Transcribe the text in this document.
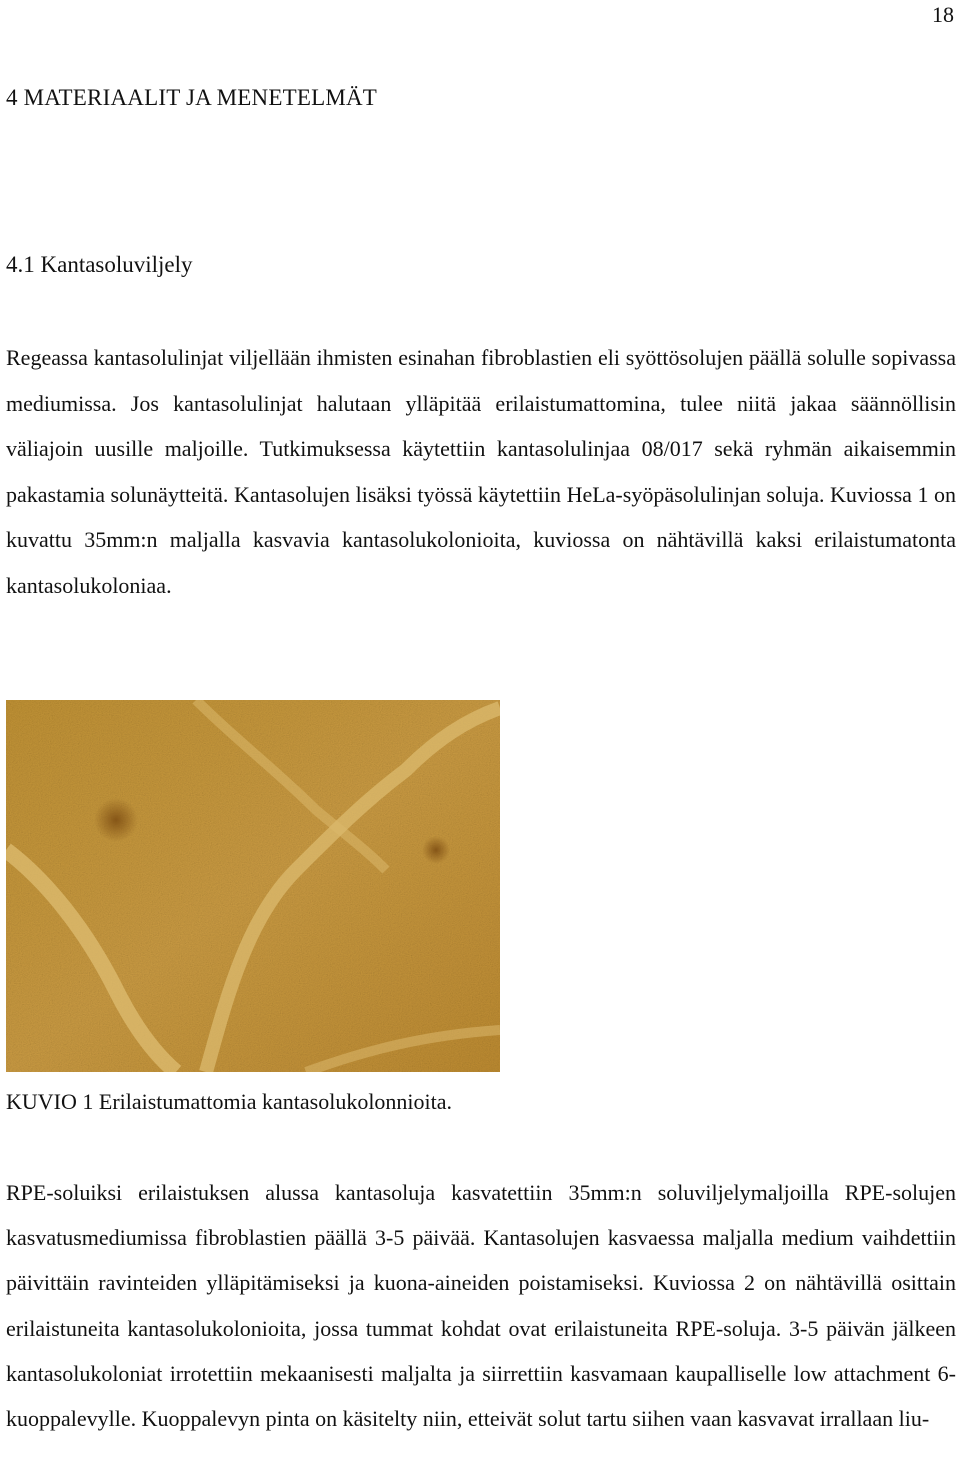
18
4 MATERIAALIT JA MENETELMÄT
4.1 Kantasoluviljely

Regeassa kantasolulinjat viljellään ihmisten esinahan fibroblastien eli syöttösolujen päällä solulle sopivassa mediumissa. Jos kantasolulinjat halutaan ylläpitää erilaistumattomina, tulee niitä jakaa säännöllisin väliajoin uusille maljoille. Tutkimuksessa käytettiin kantasolulinjaa 08/017 sekä ryhmän aikaisemmin pakastamia solunäytteitä. Kantasolujen lisäksi työssä käytettiin HeLa-syöpäsolulinjan soluja. Kuviossa 1 on kuvattu 35mm:n maljalla kasvavia kantasolukolonioita, kuviossa on nähtävillä kaksi erilaistumatonta kantasolukoloniaa.

KUVIO 1 Erilaistumattomia kantasolukolonnioita.

RPE-soluiksi erilaistuksen alussa kantasoluja kasvatettiin 35mm:n soluviljelymaljoilla RPE-solujen kasvatusmediumissa fibroblastien päällä 3-5 päivää. Kantasolujen kasvaessa maljalla medium vaihdettiin päivittäin ravinteiden ylläpitämiseksi ja kuona-aineiden poistamiseksi. Kuviossa 2 on nähtävillä osittain erilaistuneita kantasolukolonioita, jossa tummat kohdat ovat erilaistuneita RPE-soluja. 3-5 päivän jälkeen kantasolukoloniat irrotettiin mekaanisesti maljalta ja siirrettiin kasvamaan kaupalliselle low attachment 6-kuoppalevylle. Kuoppalevyn pinta on käsitelty niin, etteivät solut tartu siihen vaan kasvavat irrallaan liu-
